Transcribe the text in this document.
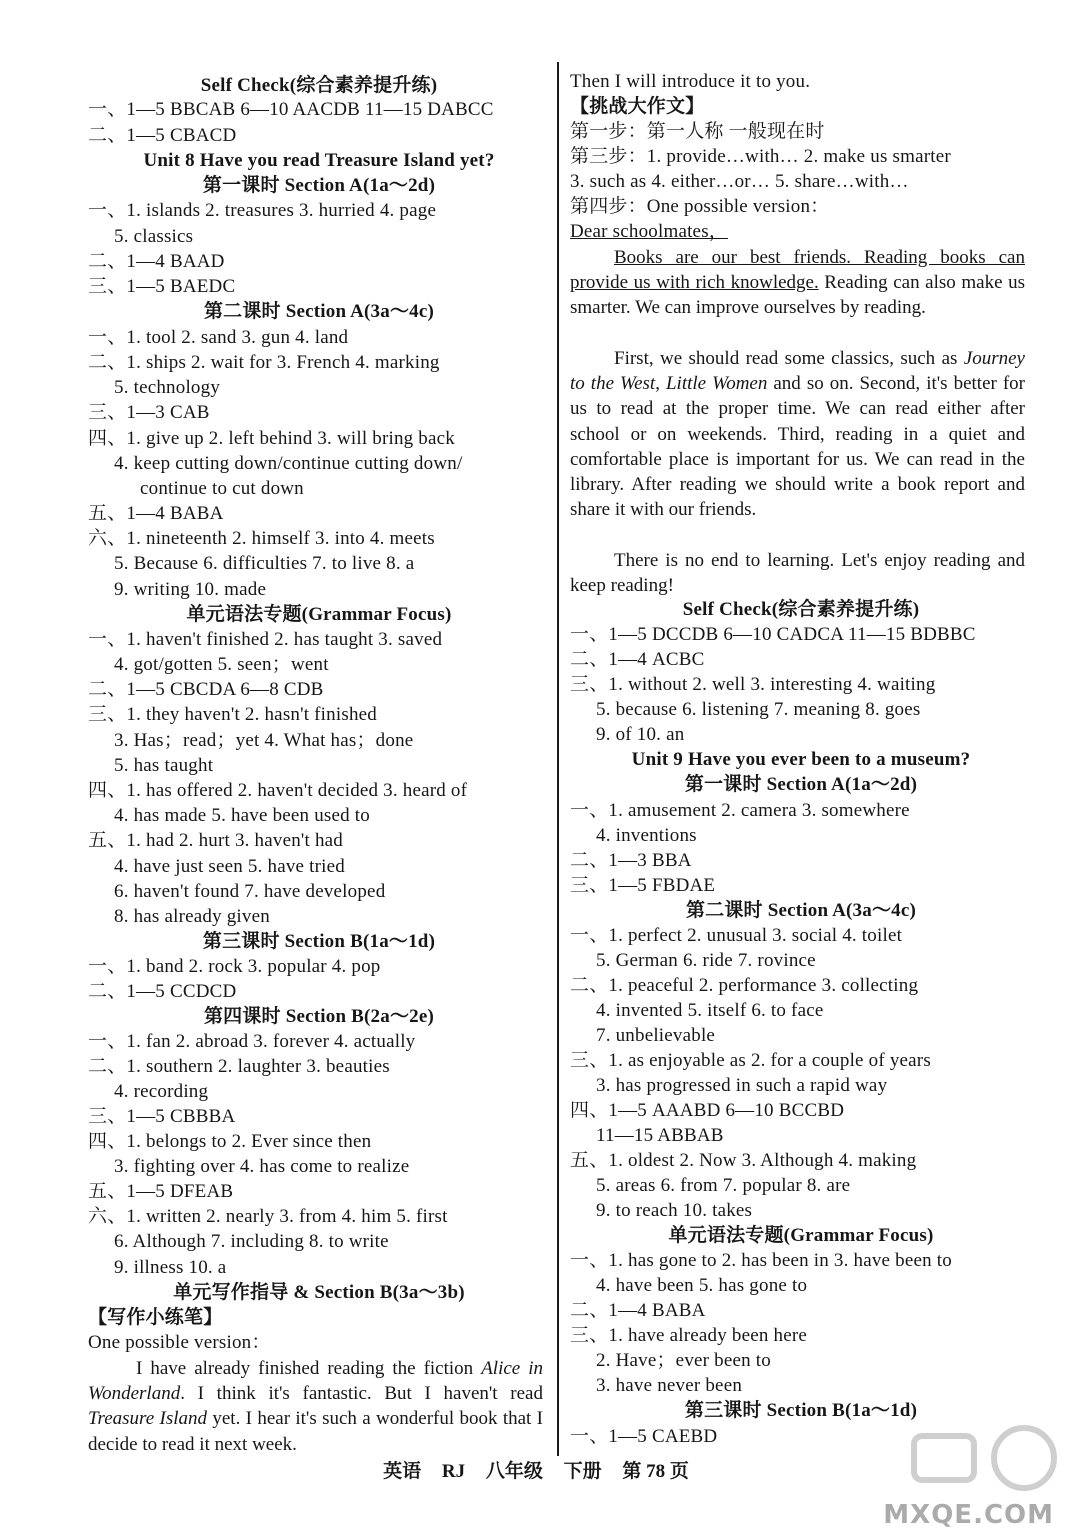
Self Check(综合素养提升练)
一、1—5 BBCAB 6—10 AACDB 11—15 DABCC
二、1—5 CBACD
Unit 8 Have you read Treasure Island yet?
第一课时 Section A(1a～2d)
一、1. islands 2. treasures 3. hurried 4. page
5. classics
二、1—4 BAAD
三、1—5 BAEDC
第二课时 Section A(3a～4c)
一、1. tool 2. sand 3. gun 4. land
二、1. ships 2. wait for 3. French 4. marking
5. technology
三、1—3 CAB
四、1. give up 2. left behind 3. will bring back
4. keep cutting down/continue cutting down/
continue to cut down
五、1—4 BABA
六、1. nineteenth 2. himself 3. into 4. meets
5. Because 6. difficulties 7. to live 8. a
9. writing 10. made
单元语法专题(Grammar Focus)
一、1. haven't finished 2. has taught 3. saved
4. got/gotten 5. seen；went
二、1—5 CBCDA 6—8 CDB
三、1. they haven't 2. hasn't finished
3. Has；read；yet 4. What has；done
5. has taught
四、1. has offered 2. haven't decided 3. heard of
4. has made 5. have been used to
五、1. had 2. hurt 3. haven't had
4. have just seen 5. have tried
6. haven't found 7. have developed
8. has already given
第三课时 Section B(1a～1d)
一、1. band 2. rock 3. popular 4. pop
二、1—5 CCDCD
第四课时 Section B(2a～2e)
一、1. fan 2. abroad 3. forever 4. actually
二、1. southern 2. laughter 3. beauties
4. recording
三、1—5 CBBBA
四、1. belongs to 2. Ever since then
3. fighting over 4. has come to realize
五、1—5 DFEAB
六、1. written 2. nearly 3. from 4. him 5. first
6. Although 7. including 8. to write
9. illness 10. a
单元写作指导 & Section B(3a～3b)
【写作小练笔】
One possible version：
I have already finished reading the fiction Alice in Wonderland. I think it's fantastic. But I haven't read Treasure Island yet. I hear it's such a wonderful book that I decide to read it next week.
Then I will introduce it to you.
【挑战大作文】
第一步：第一人称 一般现在时
第三步：1. provide…with… 2. make us smarter
3. such as 4. either…or… 5. share…with…
第四步：One possible version：
Dear schoolmates，
Books are our best friends. Reading books can provide us with rich knowledge. Reading can also make us smarter. We can improve ourselves by reading.
First, we should read some classics, such as Journey to the West, Little Women and so on. Second, it's better for us to read at the proper time. We can read either after school or on weekends. Third, reading in a quiet and comfortable place is important for us. We can read in the library. After reading we should write a book report and share it with our friends.
There is no end to learning. Let's enjoy reading and keep reading!
Self Check(综合素养提升练)
一、1—5 DCCDB 6—10 CADCA 11—15 BDBBC
二、1—4 ACBC
三、1. without 2. well 3. interesting 4. waiting
5. because 6. listening 7. meaning 8. goes
9. of 10. an
Unit 9 Have you ever been to a museum?
第一课时 Section A(1a～2d)
一、1. amusement 2. camera 3. somewhere
4. inventions
二、1—3 BBA
三、1—5 FBDAE
第二课时 Section A(3a～4c)
一、1. perfect 2. unusual 3. social 4. toilet
5. German 6. ride 7. rovince
二、1. peaceful 2. performance 3. collecting
4. invented 5. itself 6. to face
7. unbelievable
三、1. as enjoyable as 2. for a couple of years
3. has progressed in such a rapid way
四、1—5 AAABD 6—10 BCCBD
11—15 ABBAB
五、1. oldest 2. Now 3. Although 4. making
5. areas 6. from 7. popular 8. are
9. to reach 10. takes
单元语法专题(Grammar Focus)
一、1. has gone to 2. has been in 3. have been to
4. have been 5. has gone to
二、1—4 BABA
三、1. have already been here
2. Have；ever been to
3. have never been
第三课时 Section B(1a～1d)
一、1—5 CAEBD
英语 RJ 八年级 下册 第 78 页
MXQE.COM
